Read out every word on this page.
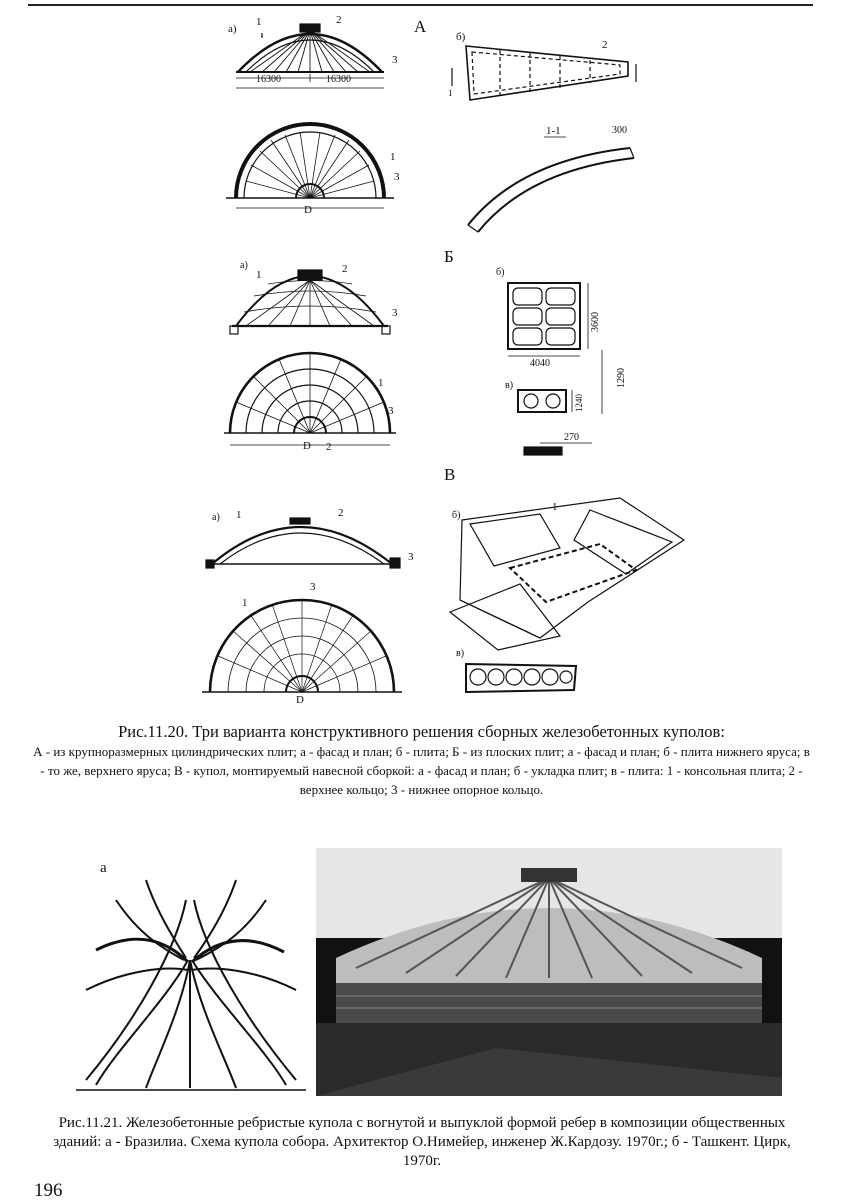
А
а)
1	2
3
16300	16300
D
1
3
б)
1
2
1-1	300
Б
а)
1	2
3
D 2
1
3
б)
3600
4040
1290
в)
1240
270
В
а) 1	2
3
1
3
D
б)
1
в)
Рис.11.20. Три варианта конструктивного решения сборных железобетонных куполов:
А - из крупноразмерных цилиндрических плит; а - фасад и план; б - плита; Б - из плоских плит; а - фасад и план; б - плита нижнего яруса; в - то же, верхнего яруса; В - купол, монтируемый навесной сборкой: а - фасад и план; б - укладка плит; в - плита: 1 - консольная плита; 2 - верхнее кольцо; 3 - нижнее опорное кольцо.
а
Рис.11.21. Железобетонные ребристые купола с вогнутой и выпуклой формой ребер в композиции общественных зданий: а - Бразилиа. Схема купола собора. Архитектор О.Нимейер, инженер Ж.Кардозу. 1970г.; б - Ташкент. Цирк, 1970г.
196
